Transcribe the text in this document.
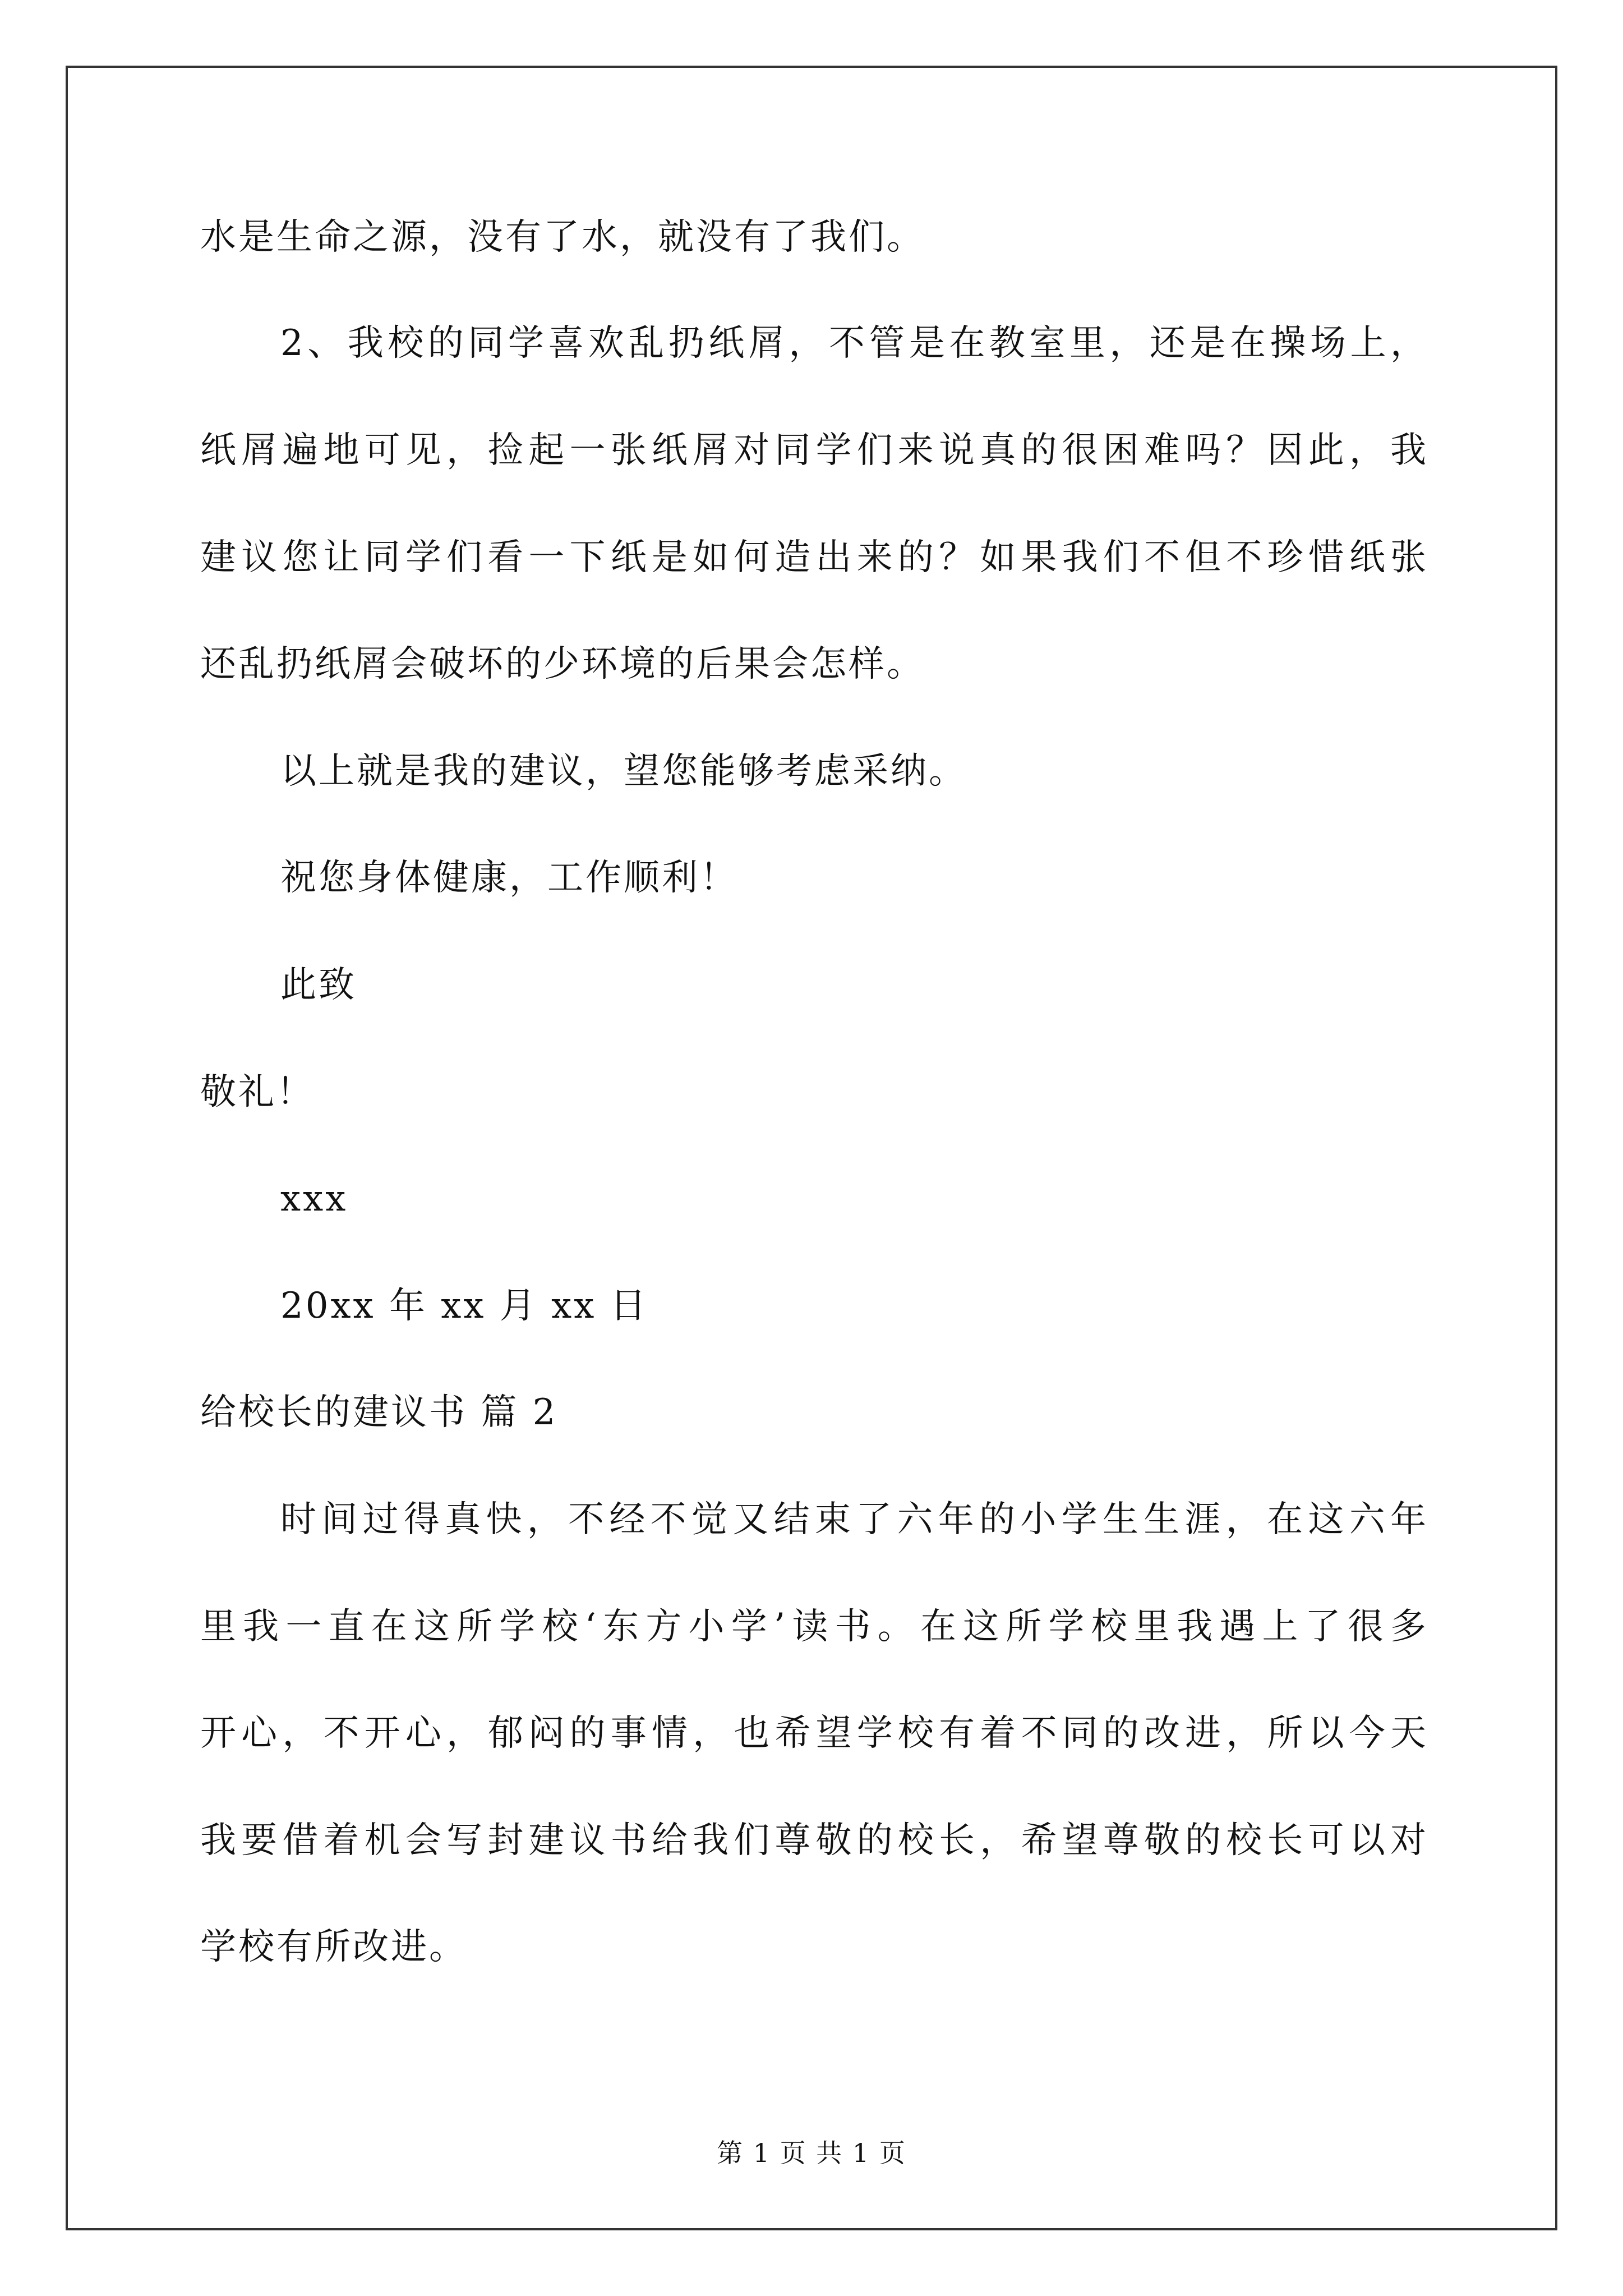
水是生命之源，没有了水，就没有了我们。
2、我校的同学喜欢乱扔纸屑，不管是在教室里，还是在操场上，
纸屑遍地可见，捡起一张纸屑对同学们来说真的很困难吗？因此，我
建议您让同学们看一下纸是如何造出来的？如果我们不但不珍惜纸张
还乱扔纸屑会破坏的少环境的后果会怎样。
以上就是我的建议，望您能够考虑采纳。
祝您身体健康，工作顺利！
此致
敬礼！
xxx
20xx 年 xx 月 xx 日
给校长的建议书 篇 2
时间过得真快，不经不觉又结束了六年的小学生生涯，在这六年
里我一直在这所学校‘东方小学’读书。在这所学校里我遇上了很多
开心，不开心，郁闷的事情，也希望学校有着不同的改进，所以今天
我要借着机会写封建议书给我们尊敬的校长，希望尊敬的校长可以对
学校有所改进。
第 1 页 共 1 页
